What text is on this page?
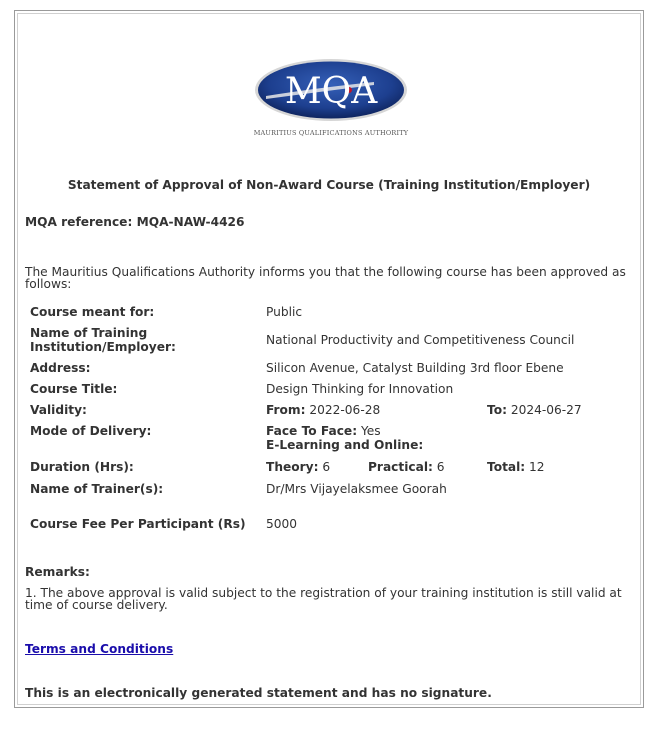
MQA
MAURITIUS QUALIFICATIONS AUTHORITY
Statement of Approval of Non-Award Course (Training Institution/Employer)
MQA reference: MQA-NAW-4426
The Mauritius Qualifications Authority informs you that the following course has been approved as follows:
Course meant for:	Public
Name of Training
Institution/Employer:	National Productivity and Competitiveness Council
Address:	Silicon Avenue, Catalyst Building 3rd floor Ebene
Course Title:	Design Thinking for Innovation
Validity:	From: 2022-06-28	To: 2024-06-27
Mode of Delivery:	Face To Face: Yes
E-Learning and Online:
Duration (Hrs):	Theory: 6	Practical: 6	Total: 12
Name of Trainer(s):	Dr/Mrs Vijayelaksmee Goorah
Course Fee Per Participant (Rs) 5000
Remarks:
1. The above approval is valid subject to the registration of your training institution is still valid at time of course delivery.
Terms and Conditions
This is an electronically generated statement and has no signature.
